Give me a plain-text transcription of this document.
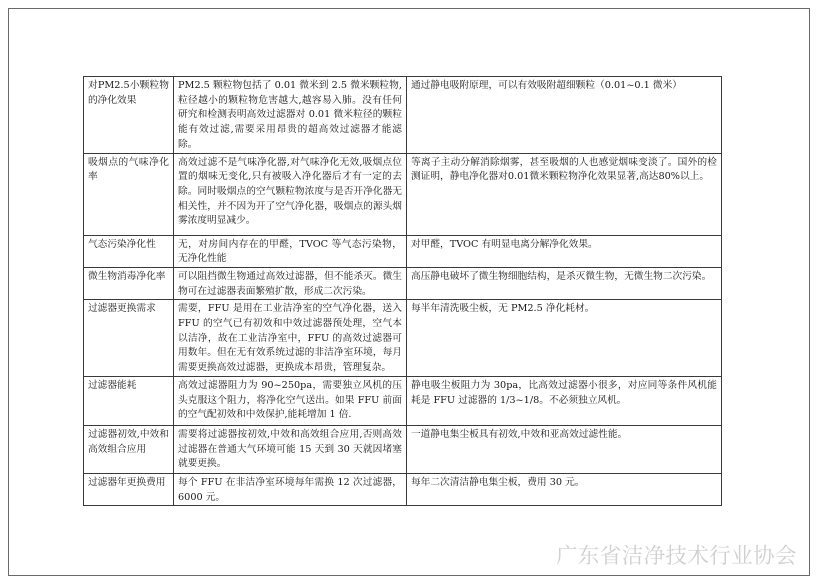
对PM2.5小颗粒物的净化效果	PM2.5 颗粒物包括了 0.01 微米到 2.5 微米颗粒物,粒径越小的颗粒物危害越大,越容易入肺。没有任何研究和检测表明高效过滤器对 0.01 微米粒径的颗粒能有效过滤,需要采用昂贵的超高效过滤器才能滤除。	通过静电吸附原理，可以有效吸附超细颗粒（0.01~0.1 微米）
吸烟点的气味净化率	高效过滤不是气味净化器,对气味净化无效,吸烟点位置的烟味无变化,只有被吸入净化器后才有一定的去除。同时吸烟点的空气颗粒物浓度与是否开净化器无相关性，并不因为开了空气净化器，吸烟点的源头烟雾浓度明显减少。	等离子主动分解消除烟雾，甚至吸烟的人也感觉烟味变淡了。国外的检测证明，静电净化器对0.01微米颗粒物净化效果显著,高达80%以上。
气态污染净化性	无，对房间内存在的甲醛，TVOC 等气态污染物，无净化性能	对甲醛，TVOC 有明显电离分解净化效果。
微生物消毒净化率	可以阻挡微生物通过高效过滤器，但不能杀灭。微生物可在过滤器表面繁殖扩散，形成二次污染。	高压静电破坏了微生物细胞结构，是杀灭微生物，无微生物二次污染。
过滤器更换需求	需要，FFU 是用在工业洁净室的空气净化器，送入FFU 的空气已有初效和中效过滤器预处理，空气本以洁净，故在工业洁净室中，FFU 的高效过滤器可用数年。但在无有效系统过滤的非洁净室环境，每月需要更换高效过滤器，更换成本昂贵，管理复杂。	每半年清洗吸尘板，无 PM2.5 净化耗材。
过滤器能耗	高效过滤器阻力为 90~250pa，需要独立风机的压头克服这个阻力，将净化空气送出。如果 FFU 前面的空气配初效和中效保护,能耗增加 1 倍.	静电吸尘板阻力为 30pa，比高效过滤器小很多，对应同等条件风机能耗是 FFU 过滤器的 1/3~1/8。不必须独立风机。
过滤器初效,中效和高效组合应用	需要将过滤器按初效,中效和高效组合应用,否则高效过滤器在普通大气环境可能 15 天到 30 天就因堵塞就要更换。	一道静电集尘板具有初效,中效和亚高效过滤性能。
过滤器年更换费用	每个 FFU 在非洁净室环境每年需换 12 次过滤器，6000 元。	每年二次清洁静电集尘板，费用 30 元。
广东省洁净技术行业协会
